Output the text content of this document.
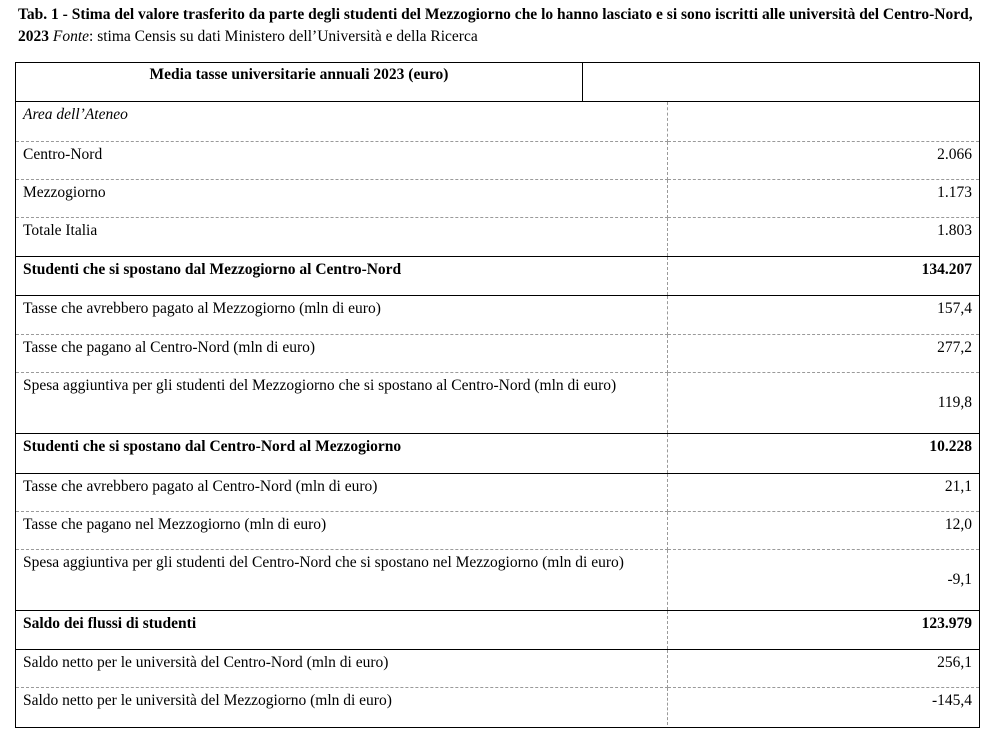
Tab. 1 - Stima del valore trasferito da parte degli studenti del Mezzogiorno che lo hanno lasciato e si sono iscritti alle università del Centro-Nord, 2023 Fonte: stima Censis su dati Ministero dell’Università e della Ricerca
Media tasse universitarie annuali 2023 (euro)
Area dell’Ateneo	
Centro-Nord	2.066
Mezzogiorno	1.173
Totale Italia	1.803
Studenti che si spostano dal Mezzogiorno al Centro-Nord	134.207
Tasse che avrebbero pagato al Mezzogiorno (mln di euro)	157,4
Tasse che pagano al Centro-Nord (mln di euro)	277,2
Spesa aggiuntiva per gli studenti del Mezzogiorno che si spostano al Centro-Nord (mln di euro)	119,8
Studenti che si spostano dal Centro-Nord al Mezzogiorno	10.228
Tasse che avrebbero pagato al Centro-Nord (mln di euro)	21,1
Tasse che pagano nel Mezzogiorno (mln di euro)	12,0
Spesa aggiuntiva per gli studenti del Centro-Nord che si spostano nel Mezzogiorno (mln di euro)	-9,1
Saldo dei flussi di studenti	123.979
Saldo netto per le università del Centro-Nord (mln di euro)	256,1
Saldo netto per le università del Mezzogiorno (mln di euro)	-145,4
